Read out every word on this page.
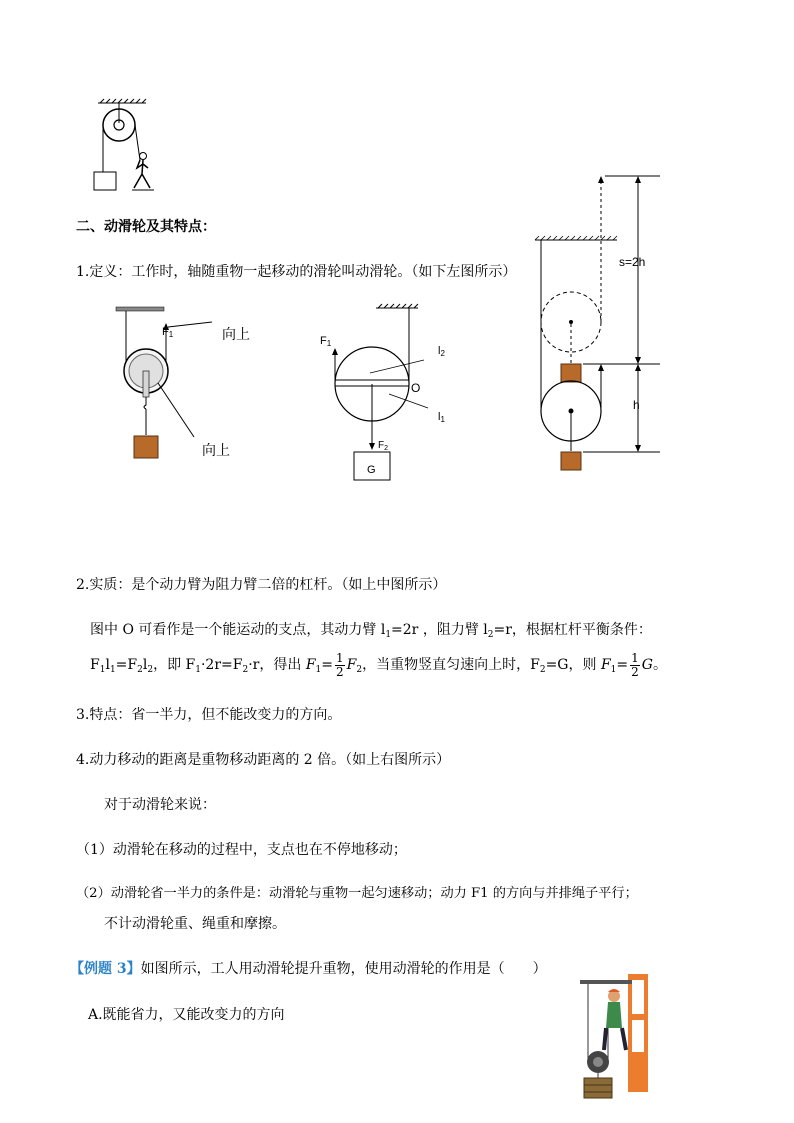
二、动滑轮及其特点：
1.定义：工作时，轴随重物一起移动的滑轮叫动滑轮。（如下左图所示）
F1	向上
向上
F1
$F_2$
l2
O
l1
G
s=2h
h
2.实质：是个动力臂为阻力臂二倍的杠杆。（如上中图所示）
图中 O 可看作是一个能运动的支点，其动力臂 $l_1=2r$ ，阻力臂 $l_2=r$，根据杠杆平衡条件：
$F_1l_1=F_2l_2$，即 $F_1\cdot 2r=F_2\cdot r$，得出 $F_1= \frac{1}{2} F_2$，当重物竖直匀速向上时，$F_2=G$，则 $F_1= \frac{1}{2}$ G。
3.特点：省一半力，但不能改变力的方向。
4.动力移动的距离是重物移动距离的 2 倍。（如上右图所示）
对于动滑轮来说：
（1）动滑轮在移动的过程中，支点也在不停地移动；
（2）动滑轮省一半力的条件是：动滑轮与重物一起匀速移动；动力 F1 的方向与并排绳子平行；
不计动滑轮重、绳重和摩擦。
【例题 3】如图所示，工人用动滑轮提升重物，使用动滑轮的作用是（　　）
A.既能省力，又能改变力的方向
